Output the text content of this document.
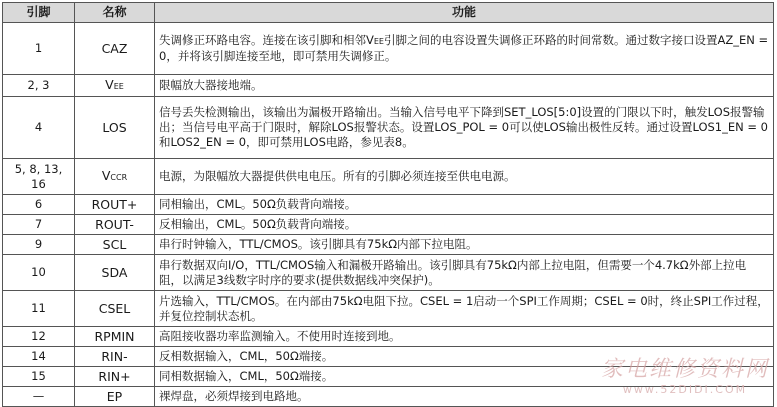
引脚	名称	功能
1	CAZ	失调修正环路电容。连接在该引脚和相邻VEE引脚之间的电容设置失调修正环路的时间常数。通过数字接口设置AZ_EN = 0，并将该引脚连接至地，即可禁用失调修正。
2, 3	VEE	限幅放大器接地端。
4	LOS	信号丢失检测输出，该输出为漏极开路输出。当输入信号电平下降到SET_LOS[5:0]设置的门限以下时，触发LOS报警输出；当信号电平高于门限时，解除LOS报警状态。设置LOS_POL = 0可以使LOS输出极性反转。通过设置LOS1_EN = 0和LOS2_EN = 0，即可禁用LOS电路，参见表8。
5, 8, 13, 16	VCCR	电源，为限幅放大器提供供电电压。所有的引脚必须连接至供电电源。
6	ROUT+	同相输出，CML。50Ω负载背向端接。
7	ROUT-	反相输出，CML。50Ω负载背向端接。
9	SCL	串行时钟输入，TTL/CMOS。该引脚具有75kΩ内部下拉电阻。
10	SDA	串行数据双向I/O，TTL/CMOS输入和漏极开路输出。该引脚具有75kΩ内部上拉电阻，但需要一个4.7kΩ外部上拉电阻，以满足3线数字时序的要求(提供数据线冲突保护)。
11	CSEL	片选输入，TTL/CMOS。在内部由75kΩ电阻下拉。CSEL = 1启动一个SPI工作周期；CSEL = 0时，终止SPI工作过程，并复位控制状态机。
12	RPMIN	高阻接收器功率监测输入。不使用时连接到地。
14	RIN-	反相数据输入，CML，50Ω端接。
15	RIN+	同相数据输入，CML，50Ω端接。
—	EP	裸焊盘，必须焊接到电路地。
家电维修资料网
www.52DIDI.COM
